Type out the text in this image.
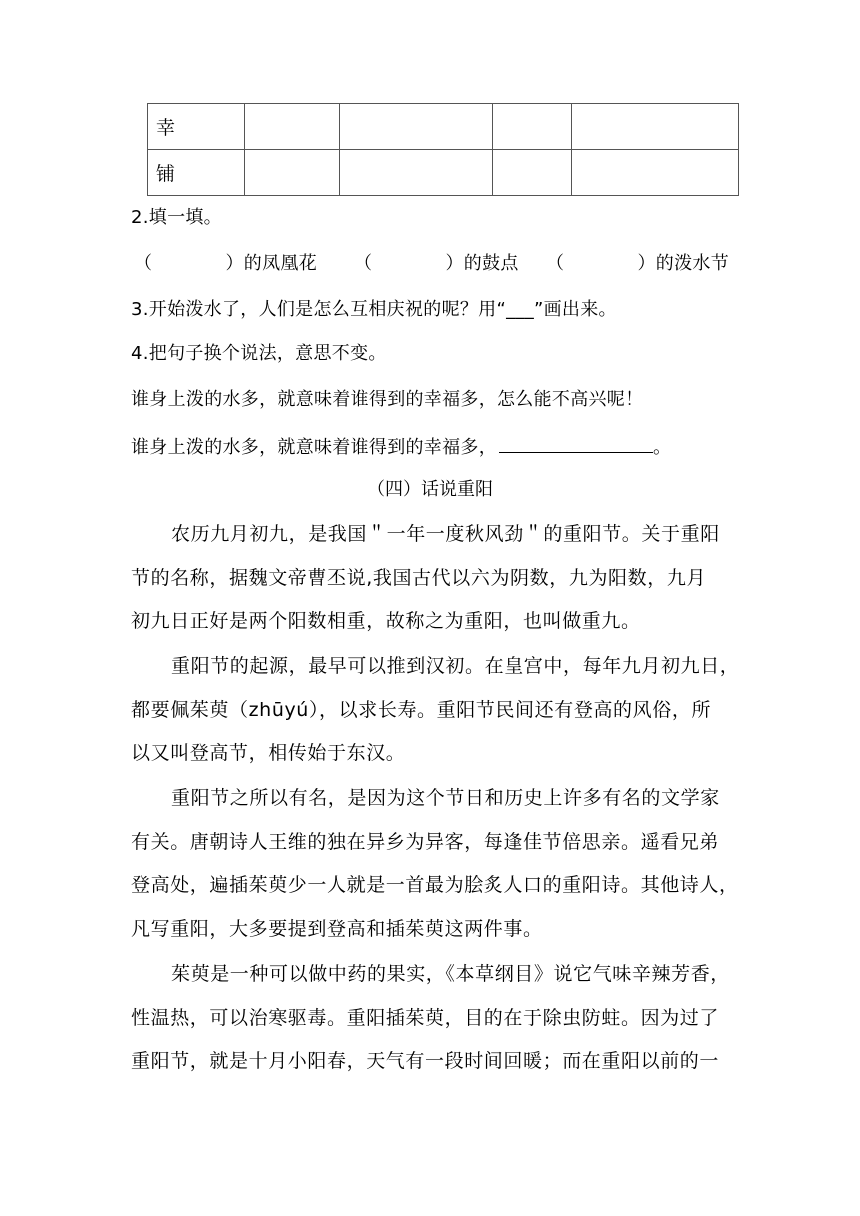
幸				
铺				
2.填一填。
（　　　　）的凤凰花 （　　　　）的鼓点 （　　　　）的泼水节
3.开始泼水了，人们是怎么互相庆祝的呢？用“___”画出来。
4.把句子换个说法，意思不变。
谁身上泼的水多，就意味着谁得到的幸福多，怎么能不高兴呢！
谁身上泼的水多，就意味着谁得到的幸福多，	。
（四）话说重阳
农历九月初九，是我国＂一年一度秋风劲＂的重阳节。关于重阳
节的名称，据魏文帝曹丕说,我国古代以六为阴数，九为阳数，九月
初九日正好是两个阳数相重，故称之为重阳，也叫做重九。
重阳节的起源，最早可以推到汉初。在皇宫中，每年九月初九日，
都要佩茱萸（zhūyú），以求长寿。重阳节民间还有登高的风俗，所
以又叫登高节，相传始于东汉。
重阳节之所以有名，是因为这个节日和历史上许多有名的文学家
有关。唐朝诗人王维的独在异乡为异客，每逢佳节倍思亲。遥看兄弟
登高处，遍插茱萸少一人就是一首最为脍炙人口的重阳诗。其他诗人，
凡写重阳，大多要提到登高和插茱萸这两件事。
茱萸是一种可以做中药的果实，《本草纲目》说它气味辛辣芳香，
性温热，可以治寒驱毒。重阳插茱萸，目的在于除虫防蛀。因为过了
重阳节，就是十月小阳春，天气有一段时间回暖；而在重阳以前的一
